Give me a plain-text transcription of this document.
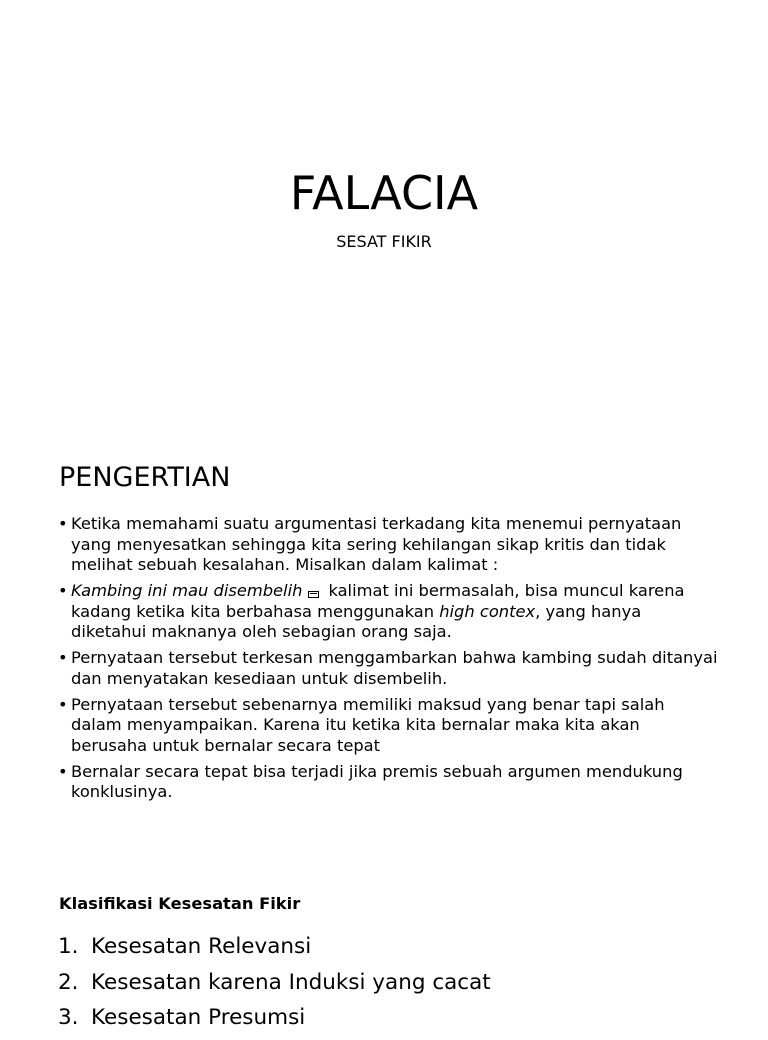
FALACIA
SESAT FIKIR
PENGERTIAN
• Ketika memahami suatu argumentasi terkadang kita menemui pernyataan yang menyesatkan sehingga kita sering kehilangan sikap kritis dan tidak melihat sebuah kesalahan. Misalkan dalam kalimat :
• Kambing ini mau disembelih kalimat ini bermasalah, bisa muncul karena kadang ketika kita berbahasa menggunakan high contex, yang hanya diketahui maknanya oleh sebagian orang saja.
• Pernyataan tersebut terkesan menggambarkan bahwa kambing sudah ditanyai dan menyatakan kesediaan untuk disembelih.
• Pernyataan tersebut sebenarnya memiliki maksud yang benar tapi salah dalam menyampaikan. Karena itu ketika kita bernalar maka kita akan berusaha untuk bernalar secara tepat
• Bernalar secara tepat bisa terjadi jika premis sebuah argumen mendukung konklusinya.
Klasifikasi Kesesatan Fikir
1. Kesesatan Relevansi
2. Kesesatan karena Induksi yang cacat
3. Kesesatan Presumsi
